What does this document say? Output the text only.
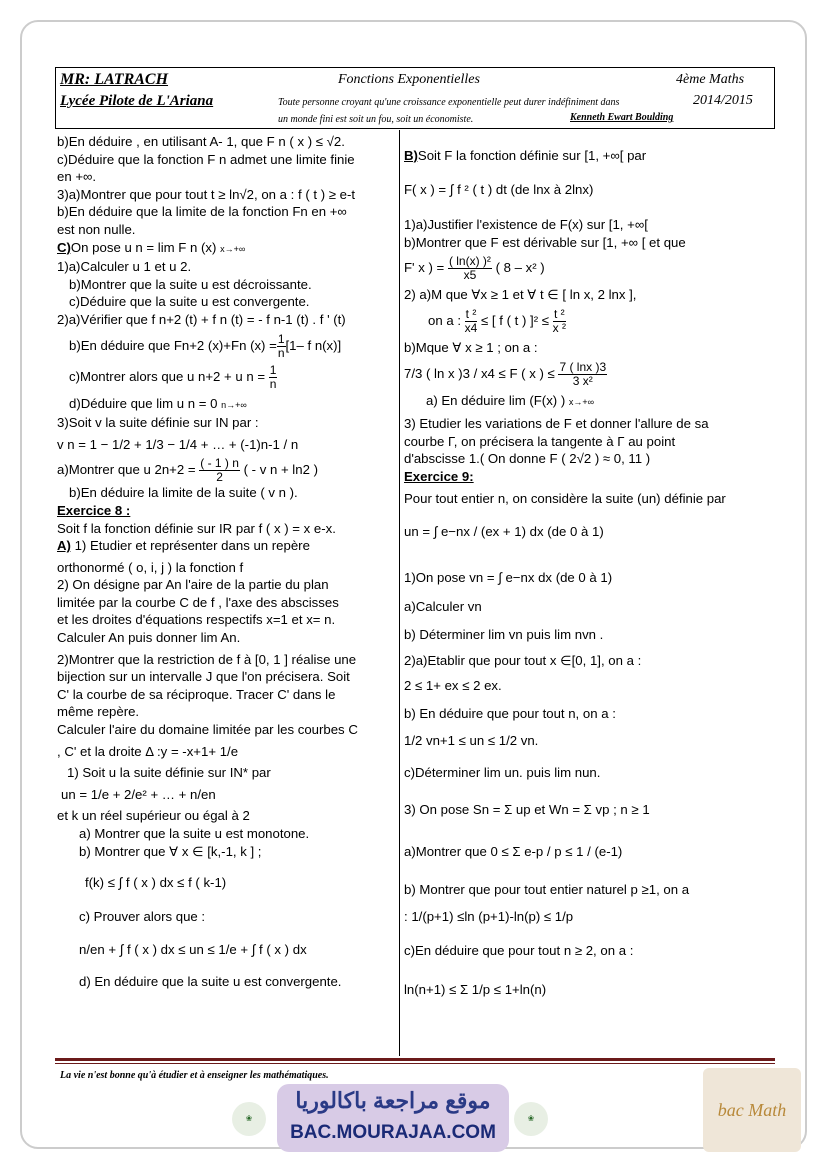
MR: LATRACH
Lycée Pilote de L'Ariana
Fonctions Exponentielles	4ème Maths
2014/2015
Toute personne croyant qu'une croissance exponentielle peut durer indéfiniment dans un monde fini est soit un fou, soit un économiste.	Kenneth Ewart Boulding
b)En déduire , en utilisant A- 1, que F n ( x ) ≤ √2.
c)Déduire que la fonction F n admet une limite finie
en +∞.
3)a)Montrer que pour tout t ≥ ln√2, on a : f ( t ) ≥ e-t
b)En déduire que la limite de la fonction Fn en +∞
est non nulle.
C)On pose u n = lim F n (x) x→+∞
1)a)Calculer u 1 et u 2.
b)Montrer que la suite u est décroissante.
c)Déduire que la suite u est convergente.
2)a)Vérifier que f n+2 (t) + f n (t) = - f n-1 (t) . f ' (t)
b)En déduire que Fn+2 (x)+Fn $(x) = \frac{1}{n} [1-$ f n(x)]
c)Montrer alors que u n+2 + u $n = \frac{1}{n}$
d)Déduire que lim u n = 0 n→+∞
3)Soit v la suite définie sur IN par :
v n = 1 − 1/2 + 1/3 − 1/4 + … + (-1)n-1 / n
a)Montrer que u $2n+2 = \frac{( - 1 ) n}{2}$ ( - v n + ln2 )
b)En déduire la limite de la suite ( v n ).
Exercice 8 :
Soit f la fonction définie sur IR par f ( x ) = x e-x.
A) 1) Etudier et représenter dans un repère
orthonormé ( o, i, j ) la fonction f
2) On désigne par An l'aire de la partie du plan
limitée par la courbe C de f , l'axe des abscisses
et les droites d'équations respectifs x=1 et x= n.
Calculer An puis donner lim An.
2)Montrer que la restriction de f à [0, 1 ] réalise une
bijection sur un intervalle J que l'on précisera. Soit
C' la courbe de sa réciproque. Tracer C' dans le
même repère.
Calculer l'aire du domaine limitée par les courbes C
, C' et la droite Δ :y = -x+1+ 1/e
1) Soit u la suite définie sur IN* par
un = 1/e + 2/e² + … + n/en
et k un réel supérieur ou égal à 2
a) Montrer que la suite u est monotone.
b) Montrer que ∀ x ∈ [k,-1, k ] ;
f(k) ≤ ∫ f ( x ) dx ≤ f ( k-1)
c) Prouver alors que :
n/en + ∫ f ( x ) dx ≤ un ≤ 1/e + ∫ f ( x ) dx
d) En déduire que la suite u est convergente.
B)Soit F la fonction définie sur [1, +∞[ par
F( x ) = ∫ f ² ( t ) dt (de lnx à 2lnx)
1)a)Justifier l'existence de F(x) sur [1, +∞[
b)Montrer que F est dérivable sur [1, +∞ [ et que
F' x ) = $\frac{\text{( ln(x) )²}}{x5}$ ( 8 – x² )
2) a)M que ∀x ≥ 1 et ∀ t ∈ [ ln x, 2 lnx ],
on a : $\frac{\text{t ²}}{x4}$ ≤ [ f ( t ) ]$^2 \le \frac{\text{t ²}}{\text{x ²}}$
b)Mque ∀ x ≥ 1 ; on a :
7/3 ( ln x )3 / x4 ≤ F ( x ) ≤ $\frac{7 ( \ln x )3}{\text{3 x²}}$
a) En déduire lim (F(x) ) x→+∞
3) Etudier les variations de F et donner l'allure de sa
courbe Γ, on précisera la tangente à Γ au point
d'abscisse 1.( On donne F ( 2√2 ) ≈ 0, 11 )
Exercice 9:
Pour tout entier n, on considère la suite (un) définie par
un = ∫ e−nx / (ex + 1) dx (de 0 à 1)
1)On pose vn = ∫ e−nx dx (de 0 à 1)
a)Calculer vn
b) Déterminer lim vn puis lim nvn .
2)a)Etablir que pour tout x ∈[0, 1], on a :
2 ≤ 1+ ex ≤ 2 ex.
b) En déduire que pour tout n, on a :
1/2 vn+1 ≤ un ≤ 1/2 vn.
c)Déterminer lim un. puis lim nun.
3) On pose Sn = Σ up et Wn = Σ vp ; n ≥ 1
a)Montrer que 0 ≤ Σ e-p / p ≤ 1 / (e-1)
b) Montrer que pour tout entier naturel p ≥1, on a
: 1/(p+1) ≤ln (p+1)-ln(p) ≤ 1/p
c)En déduire que pour tout n ≥ 2, on a :
ln(n+1) ≤ Σ 1/p ≤ 1+ln(n)
La vie n'est bonne qu'à étudier et à enseigner les mathématiques.
❀
موقع مراجعة باكالوريا
BAC.MOURAJAA.COM
❀	bac Math
